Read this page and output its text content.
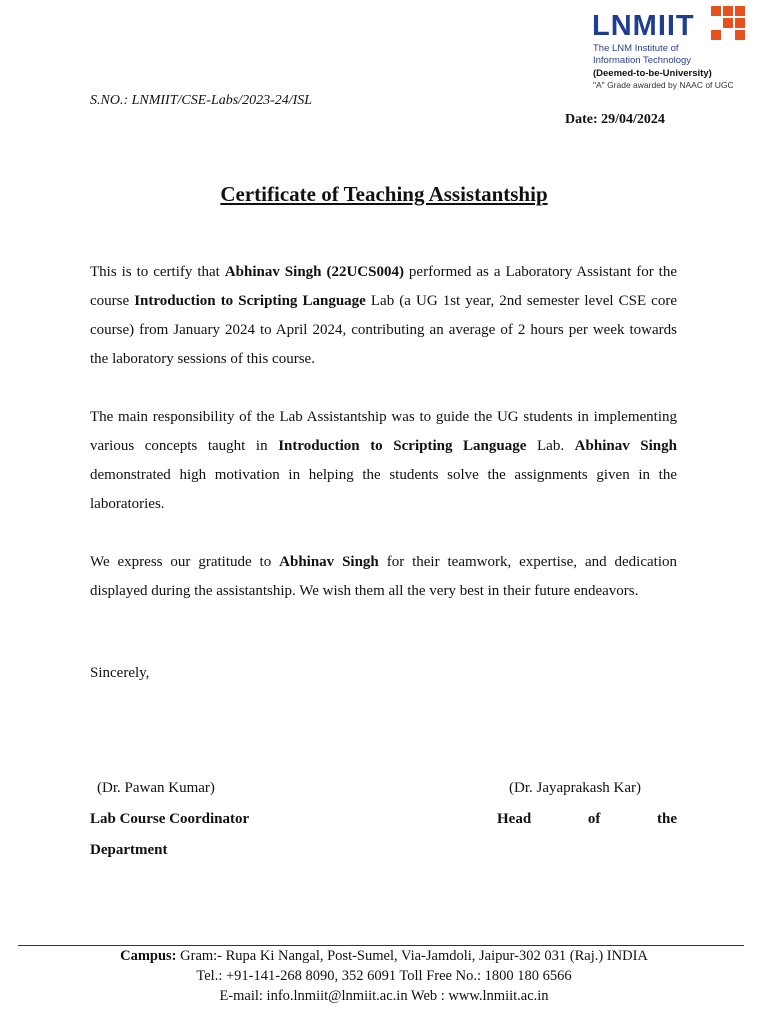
LNMIIT
The LNM Institute of
Information Technology
(Deemed-to-be-University)
"A" Grade awarded by NAAC of UGC
S.NO.: LNMIIT/CSE-Labs/2023-24/ISL
Date: 29/04/2024
Certificate of Teaching Assistantship

This is to certify that Abhinav Singh (22UCS004) performed as a Laboratory Assistant for the course Introduction to Scripting Language Lab (a UG 1st year, 2nd semester level CSE core course) from January 2024 to April 2024, contributing an average of 2 hours per week towards the laboratory sessions of this course.

The main responsibility of the Lab Assistantship was to guide the UG students in implementing various concepts taught in Introduction to Scripting Language Lab. Abhinav Singh demonstrated high motivation in helping the students solve the assignments given in the laboratories.

We express our gratitude to Abhinav Singh for their teamwork, expertise, and dedication displayed during the assistantship. We wish them all the very best in their future endeavors.

Sincerely,
(Dr. Pawan Kumar)	(Dr. Jayaprakash Kar)
Lab Course Coordinator	Head of the
Department
Campus: Gram:- Rupa Ki Nangal, Post-Sumel, Via-Jamdoli, Jaipur-302 031 (Raj.) INDIA
Tel.: +91-141-268 8090, 352 6091 Toll Free No.: 1800 180 6566
E-mail: info.lnmiit@lnmiit.ac.in Web : www.lnmiit.ac.in
